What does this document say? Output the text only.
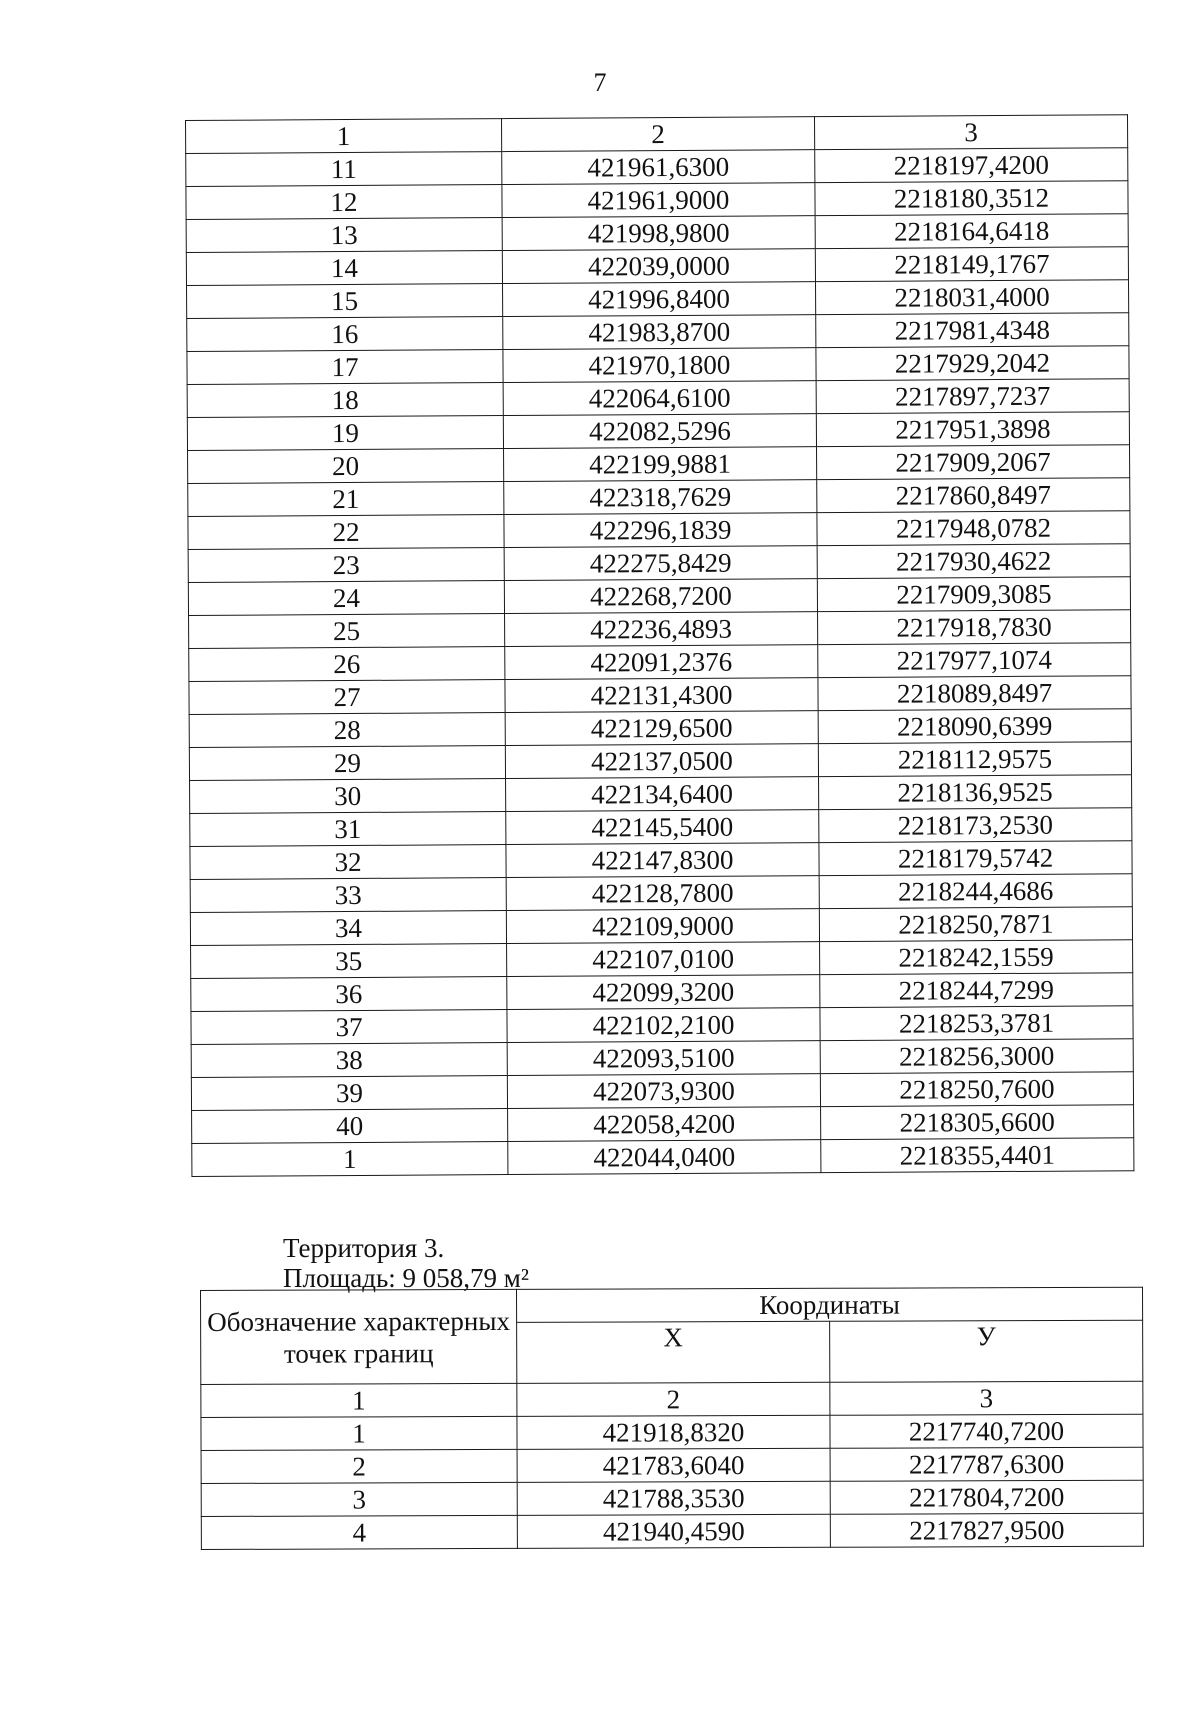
7
1	2	3
11	421961,6300	2218197,4200
12	421961,9000	2218180,3512
13	421998,9800	2218164,6418
14	422039,0000	2218149,1767
15	421996,8400	2218031,4000
16	421983,8700	2217981,4348
17	421970,1800	2217929,2042
18	422064,6100	2217897,7237
19	422082,5296	2217951,3898
20	422199,9881	2217909,2067
21	422318,7629	2217860,8497
22	422296,1839	2217948,0782
23	422275,8429	2217930,4622
24	422268,7200	2217909,3085
25	422236,4893	2217918,7830
26	422091,2376	2217977,1074
27	422131,4300	2218089,8497
28	422129,6500	2218090,6399
29	422137,0500	2218112,9575
30	422134,6400	2218136,9525
31	422145,5400	2218173,2530
32	422147,8300	2218179,5742
33	422128,7800	2218244,4686
34	422109,9000	2218250,7871
35	422107,0100	2218242,1559
36	422099,3200	2218244,7299
37	422102,2100	2218253,3781
38	422093,5100	2218256,3000
39	422073,9300	2218250,7600
40	422058,4200	2218305,6600
1	422044,0400	2218355,4401
Территория 3.
Площадь: 9 058,79 м²
Обозначение характерных точек границ	Координаты	
	Х	У
1	2	3
1	421918,8320	2217740,7200
2	421783,6040	2217787,6300
3	421788,3530	2217804,7200
4	421940,4590	2217827,9500
